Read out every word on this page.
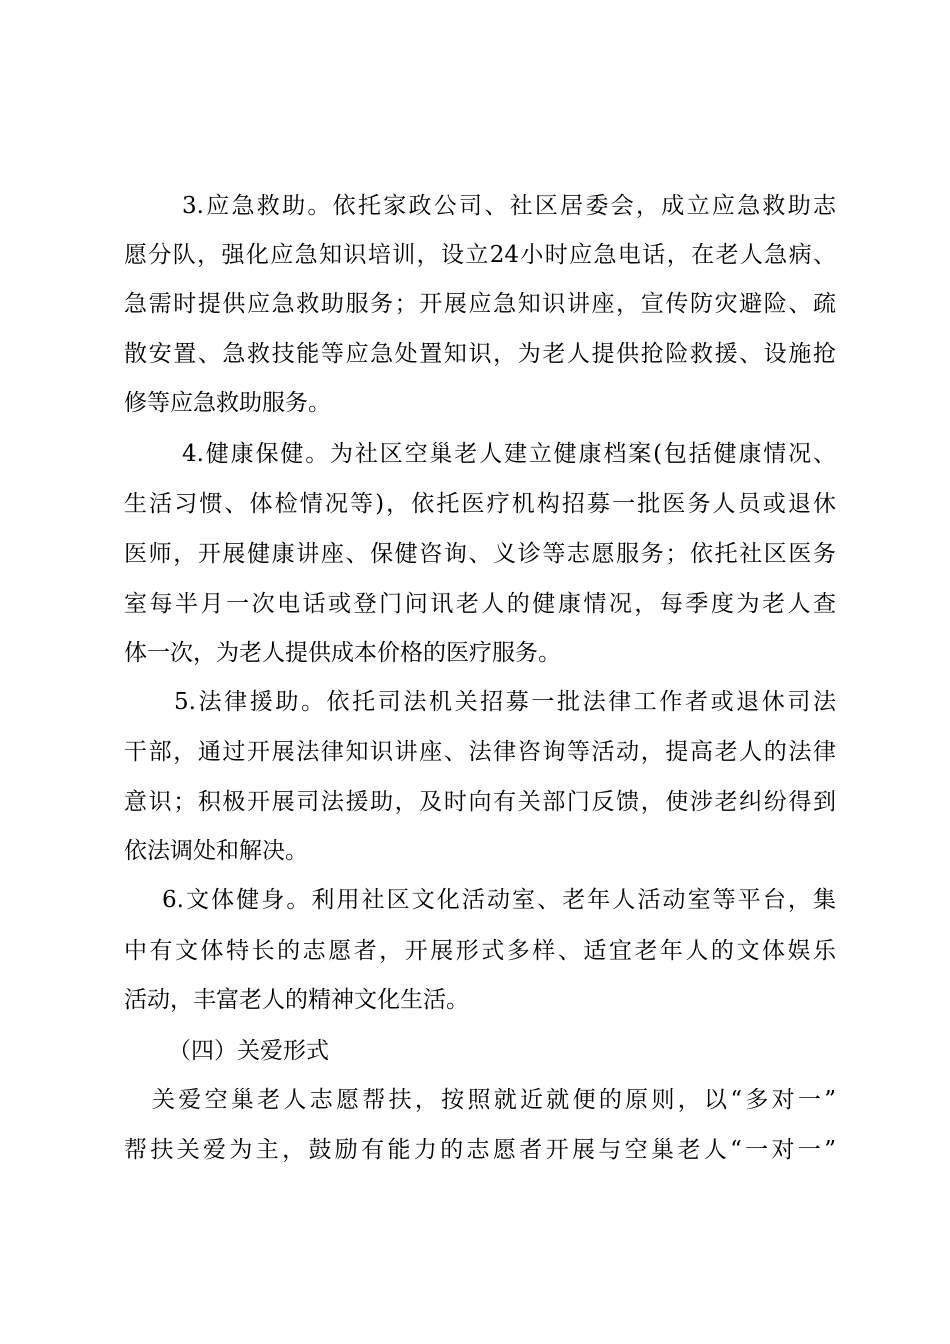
3.应急救助。依托家政公司、社区居委会，成立应急救助志
愿分队，强化应急知识培训，设立24小时应急电话，在老人急病、
急需时提供应急救助服务；开展应急知识讲座，宣传防灾避险、疏
散安置、急救技能等应急处置知识，为老人提供抢险救援、设施抢
修等应急救助服务。
4.健康保健。为社区空巢老人建立健康档案(包括健康情况、
生活习惯、体检情况等)，依托医疗机构招募一批医务人员或退休
医师，开展健康讲座、保健咨询、义诊等志愿服务；依托社区医务
室每半月一次电话或登门问讯老人的健康情况，每季度为老人查
体一次，为老人提供成本价格的医疗服务。
5.法律援助。依托司法机关招募一批法律工作者或退休司法
干部，通过开展法律知识讲座、法律咨询等活动，提高老人的法律
意识；积极开展司法援助，及时向有关部门反馈，使涉老纠纷得到
依法调处和解决。
6.文体健身。利用社区文化活动室、老年人活动室等平台，集
中有文体特长的志愿者，开展形式多样、适宜老年人的文体娱乐
活动，丰富老人的精神文化生活。
（四）关爱形式
关爱空巢老人志愿帮扶，按照就近就便的原则，以“多对一”
帮扶关爱为主，鼓励有能力的志愿者开展与空巢老人“一对一”
